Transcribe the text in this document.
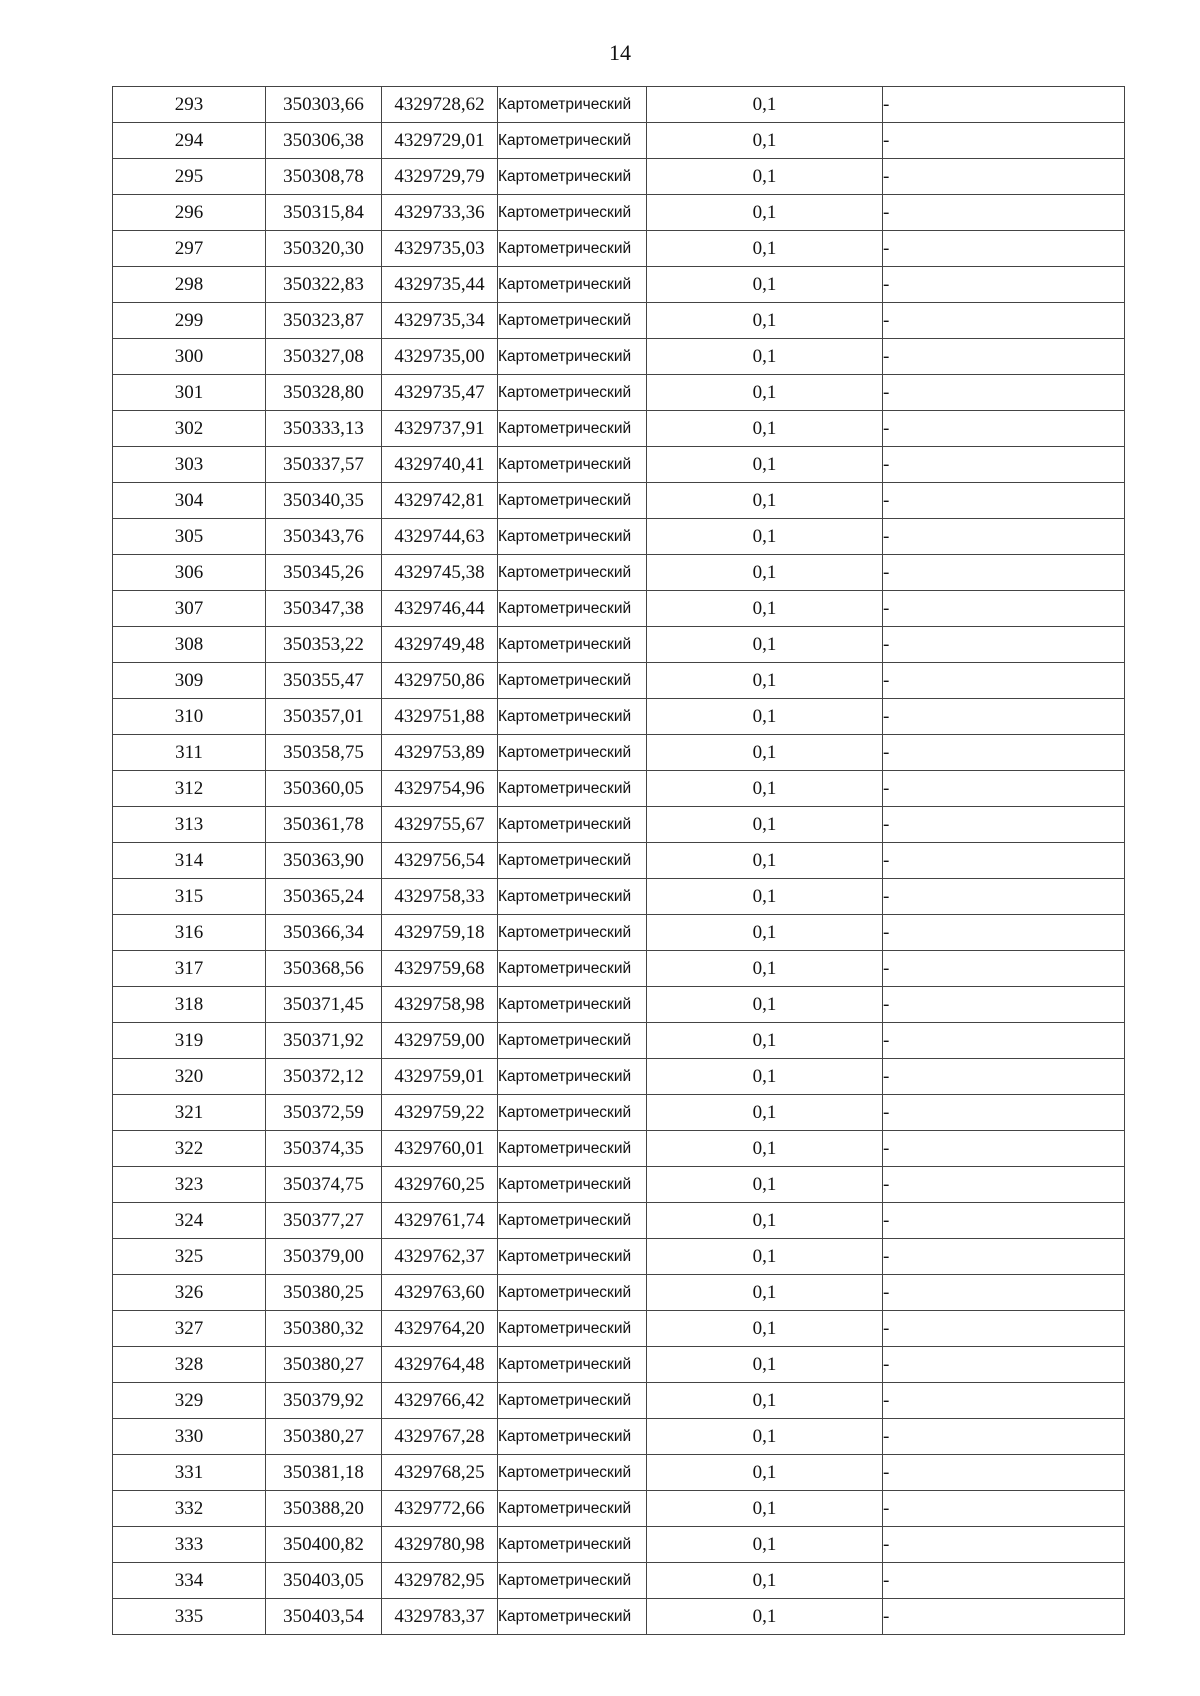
14
293	350303,66	4329728,62	Картометрический	0,1	-
294	350306,38	4329729,01	Картометрический	0,1	-
295	350308,78	4329729,79	Картометрический	0,1	-
296	350315,84	4329733,36	Картометрический	0,1	-
297	350320,30	4329735,03	Картометрический	0,1	-
298	350322,83	4329735,44	Картометрический	0,1	-
299	350323,87	4329735,34	Картометрический	0,1	-
300	350327,08	4329735,00	Картометрический	0,1	-
301	350328,80	4329735,47	Картометрический	0,1	-
302	350333,13	4329737,91	Картометрический	0,1	-
303	350337,57	4329740,41	Картометрический	0,1	-
304	350340,35	4329742,81	Картометрический	0,1	-
305	350343,76	4329744,63	Картометрический	0,1	-
306	350345,26	4329745,38	Картометрический	0,1	-
307	350347,38	4329746,44	Картометрический	0,1	-
308	350353,22	4329749,48	Картометрический	0,1	-
309	350355,47	4329750,86	Картометрический	0,1	-
310	350357,01	4329751,88	Картометрический	0,1	-
311	350358,75	4329753,89	Картометрический	0,1	-
312	350360,05	4329754,96	Картометрический	0,1	-
313	350361,78	4329755,67	Картометрический	0,1	-
314	350363,90	4329756,54	Картометрический	0,1	-
315	350365,24	4329758,33	Картометрический	0,1	-
316	350366,34	4329759,18	Картометрический	0,1	-
317	350368,56	4329759,68	Картометрический	0,1	-
318	350371,45	4329758,98	Картометрический	0,1	-
319	350371,92	4329759,00	Картометрический	0,1	-
320	350372,12	4329759,01	Картометрический	0,1	-
321	350372,59	4329759,22	Картометрический	0,1	-
322	350374,35	4329760,01	Картометрический	0,1	-
323	350374,75	4329760,25	Картометрический	0,1	-
324	350377,27	4329761,74	Картометрический	0,1	-
325	350379,00	4329762,37	Картометрический	0,1	-
326	350380,25	4329763,60	Картометрический	0,1	-
327	350380,32	4329764,20	Картометрический	0,1	-
328	350380,27	4329764,48	Картометрический	0,1	-
329	350379,92	4329766,42	Картометрический	0,1	-
330	350380,27	4329767,28	Картометрический	0,1	-
331	350381,18	4329768,25	Картометрический	0,1	-
332	350388,20	4329772,66	Картометрический	0,1	-
333	350400,82	4329780,98	Картометрический	0,1	-
334	350403,05	4329782,95	Картометрический	0,1	-
335	350403,54	4329783,37	Картометрический	0,1	-
